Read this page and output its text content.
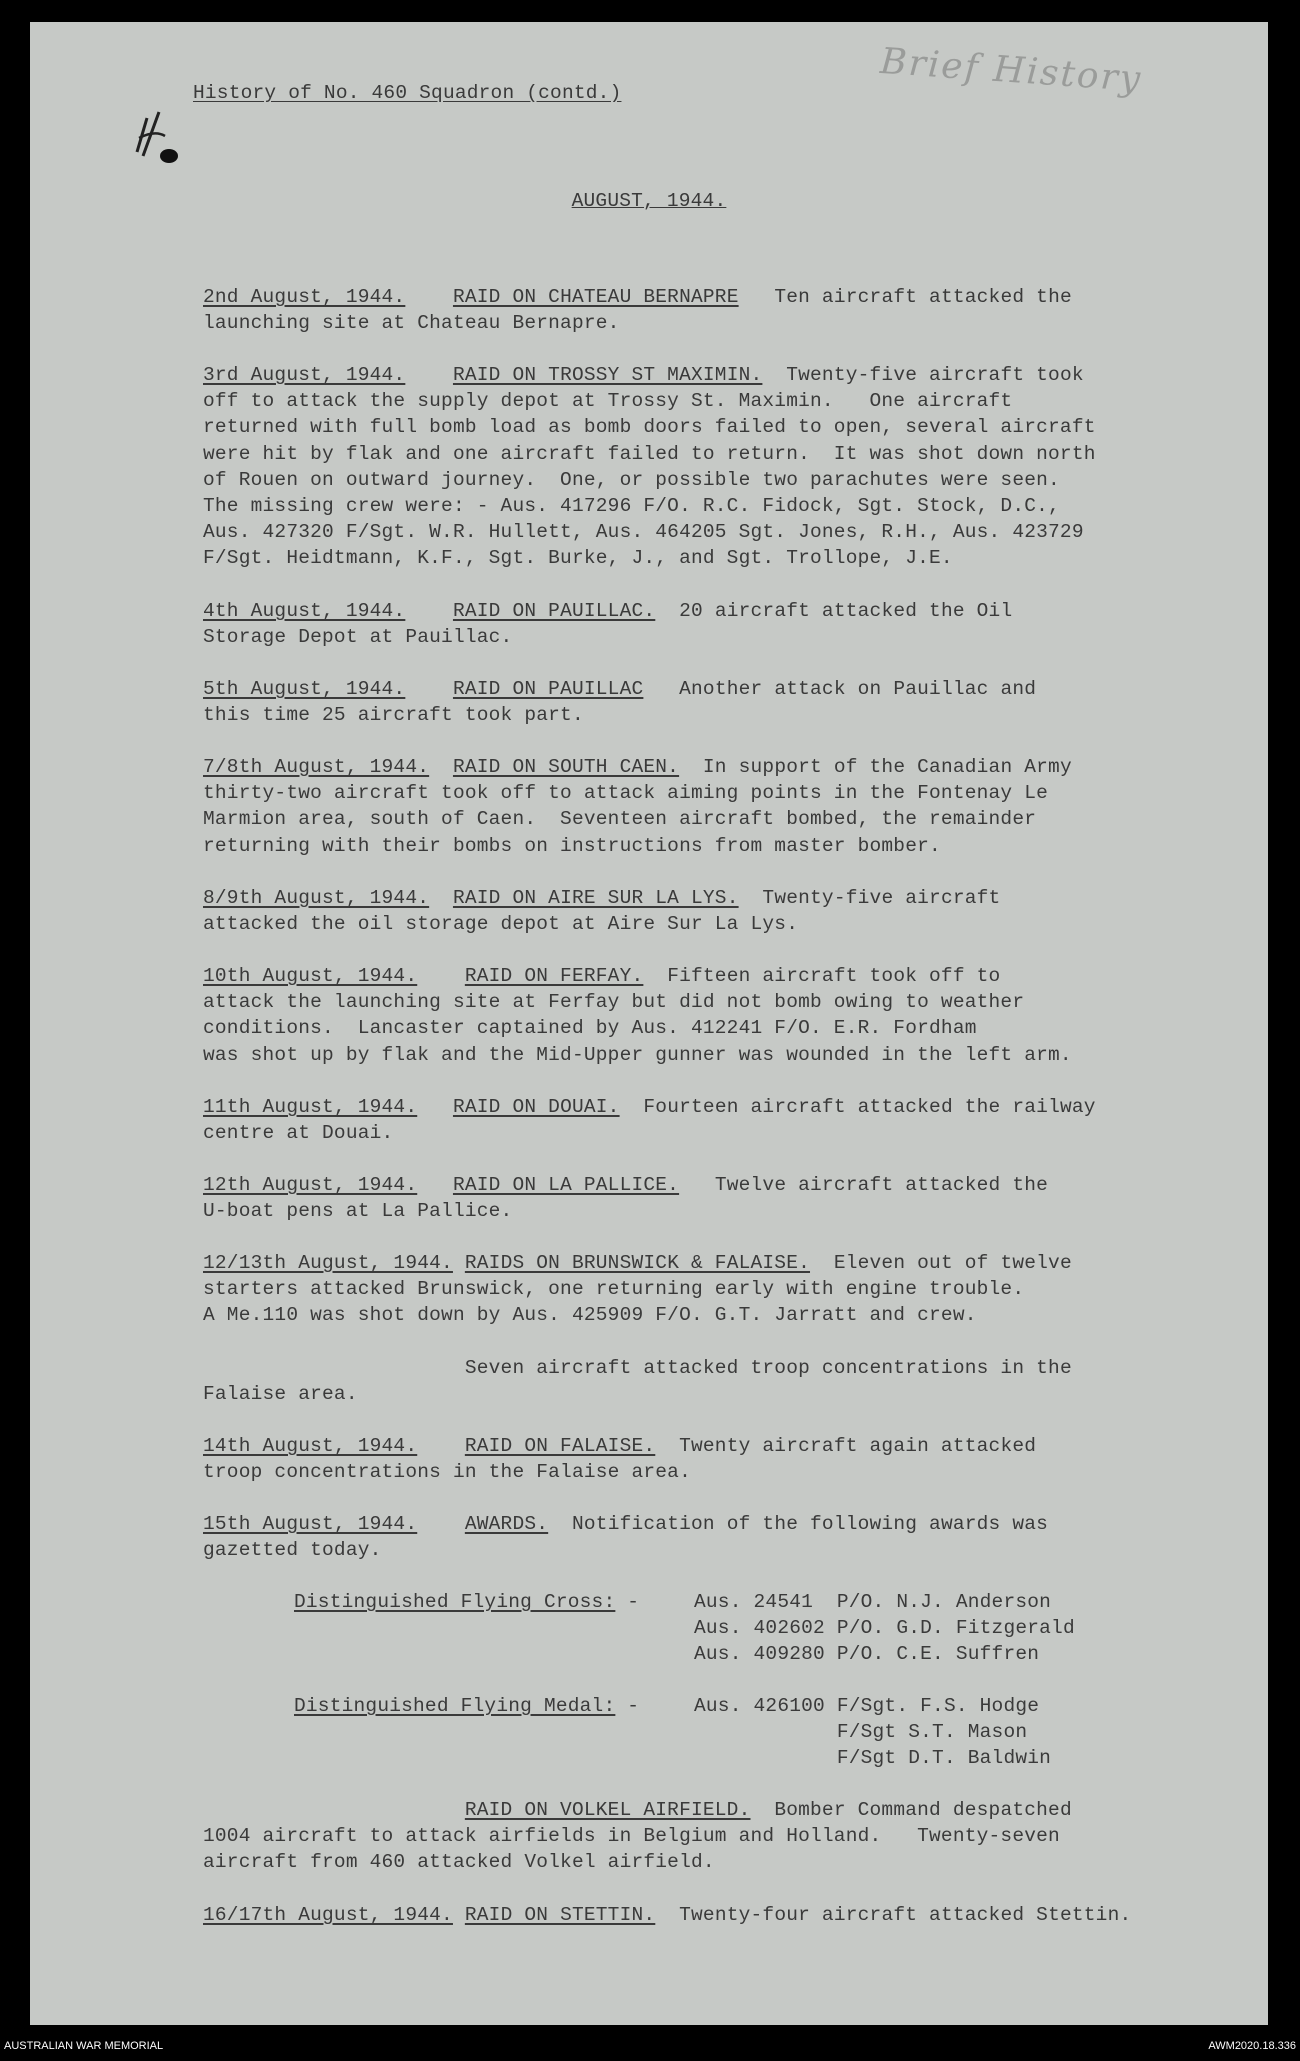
History of No. 460 Squadron (contd.)	Brief History
AUGUST, 1944.

2nd August, 1944. RAID ON CHATEAU BERNAPRE Ten aircraft attacked the
launching site at Chateau Bernapre.

3rd August, 1944. RAID ON TROSSY ST MAXIMIN. Twenty-five aircraft took
off to attack the supply depot at Trossy St. Maximin.   One aircraft
returned with full bomb load as bomb doors failed to open, several aircraft
were hit by flak and one aircraft failed to return.  It was shot down north
of Rouen on outward journey.  One, or possible two parachutes were seen.
The missing crew were: - Aus. 417296 F/O. R.C. Fidock, Sgt. Stock, D.C.,
Aus. 427320 F/Sgt. W.R. Hullett, Aus. 464205 Sgt. Jones, R.H., Aus. 423729
F/Sgt. Heidtmann, K.F., Sgt. Burke, J., and Sgt. Trollope, J.E.

4th August, 1944. RAID ON PAUILLAC. 20 aircraft attacked the Oil
Storage Depot at Pauillac.

5th August, 1944. RAID ON PAUILLAC Another attack on Pauillac and
this time 25 aircraft took part.

7/8th August, 1944. RAID ON SOUTH CAEN. In support of the Canadian Army
thirty-two aircraft took off to attack aiming points in the Fontenay Le
Marmion area, south of Caen.  Seventeen aircraft bombed, the remainder
returning with their bombs on instructions from master bomber.

8/9th August, 1944. RAID ON AIRE SUR LA LYS. Twenty-five aircraft
attacked the oil storage depot at Aire Sur La Lys.

10th August, 1944. RAID ON FERFAY. Fifteen aircraft took off to
attack the launching site at Ferfay but did not bomb owing to weather
conditions.  Lancaster captained by Aus. 412241 F/O. E.R. Fordham
was shot up by flak and the Mid-Upper gunner was wounded in the left arm.

11th August, 1944. RAID ON DOUAI. Fourteen aircraft attacked the railway
centre at Douai.

12th August, 1944. RAID ON LA PALLICE. Twelve aircraft attacked the
U-boat pens at La Pallice.

12/13th August, 1944. RAIDS ON BRUNSWICK & FALAISE. Eleven out of twelve
starters attacked Brunswick, one returning early with engine trouble.
A Me.110 was shot down by Aus. 425909 F/O. G.T. Jarratt and crew.

Seven aircraft attacked troop concentrations in the
Falaise area.

14th August, 1944. RAID ON FALAISE. Twenty aircraft again attacked
troop concentrations in the Falaise area.

15th August, 1944. AWARDS. Notification of the following awards was
gazetted today.

Distinguished Flying Cross: -	Aus. 24541  P/O. N.J. Anderson
Aus. 402602 P/O. G.D. Fitzgerald
Aus. 409280 P/O. C.E. Suffren
Distinguished Flying Medal: -	Aus. 426100 F/Sgt. F.S. Hodge
F/Sgt S.T. Mason
F/Sgt D.T. Baldwin

RAID ON VOLKEL AIRFIELD. Bomber Command despatched
1004 aircraft to attack airfields in Belgium and Holland.   Twenty-seven
aircraft from 460 attacked Volkel airfield.

16/17th August, 1944. RAID ON STETTIN. Twenty-four aircraft attacked Stettin.

AUSTRALIAN WAR MEMORIAL	AWM2020.18.336
